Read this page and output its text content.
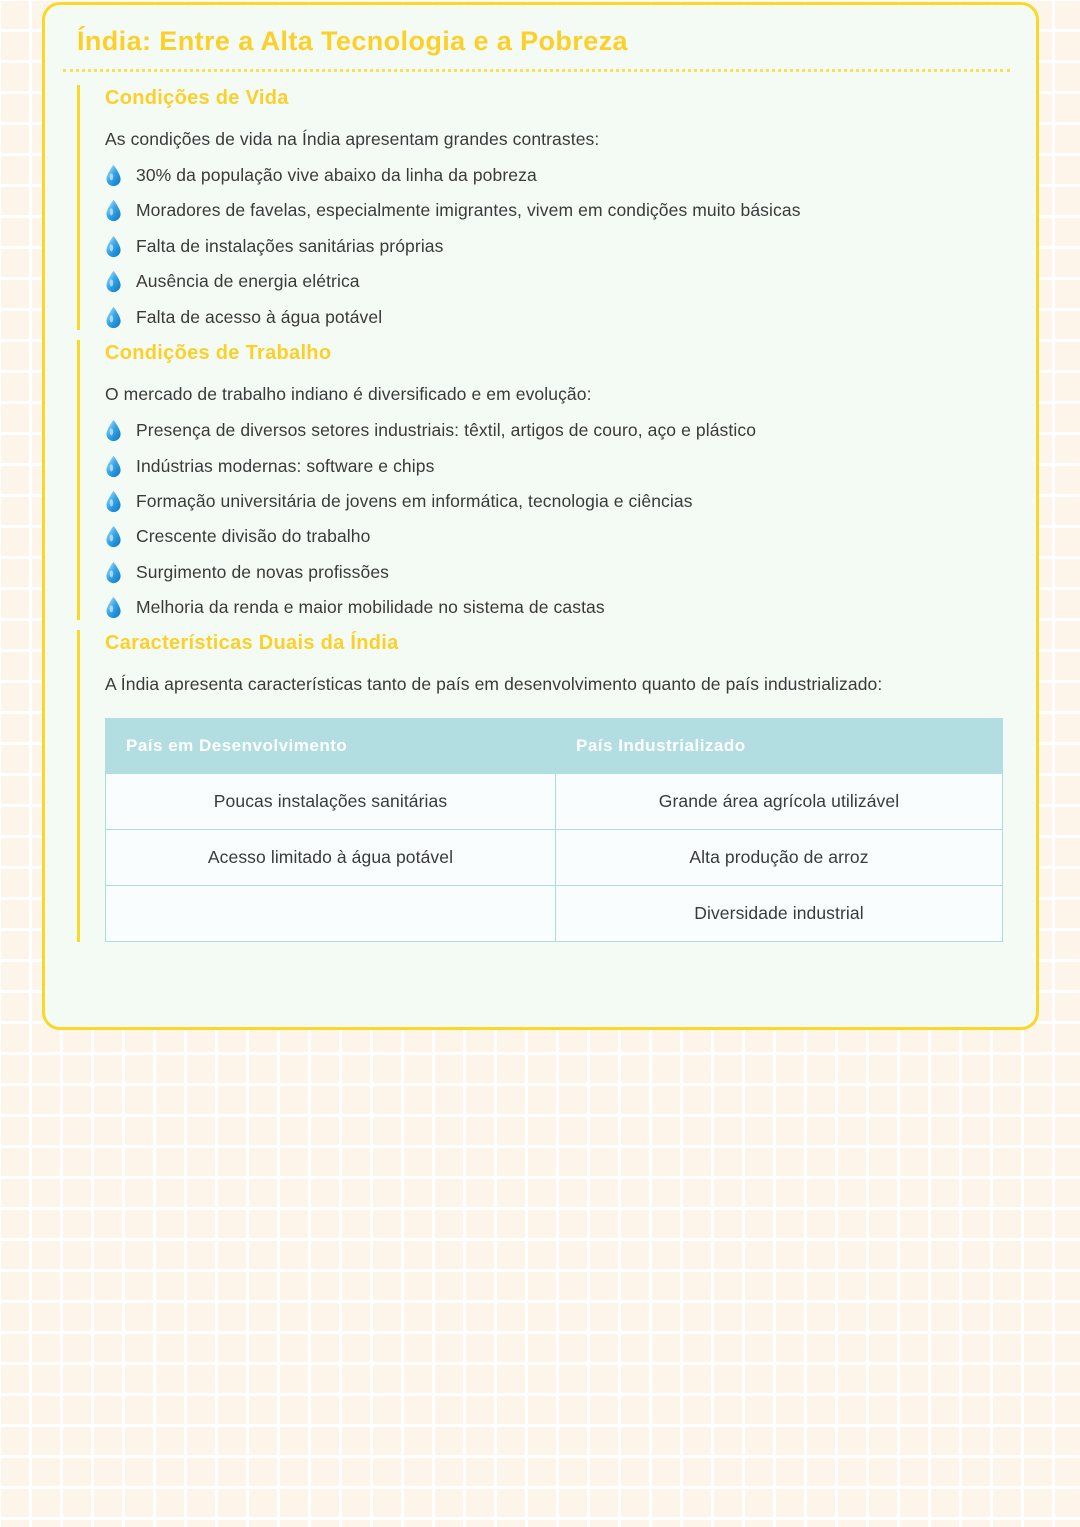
Índia: Entre a Alta Tecnologia e a Pobreza
Condições de Vida

As condições de vida na Índia apresentam grandes contrastes:

30% da população vive abaixo da linha da pobreza
Moradores de favelas, especialmente imigrantes, vivem em condições muito básicas
Falta de instalações sanitárias próprias
Ausência de energia elétrica
Falta de acesso à água potável
Condições de Trabalho

O mercado de trabalho indiano é diversificado e em evolução:

Presença de diversos setores industriais: têxtil, artigos de couro, aço e plástico
Indústrias modernas: software e chips
Formação universitária de jovens em informática, tecnologia e ciências
Crescente divisão do trabalho
Surgimento de novas profissões
Melhoria da renda e maior mobilidade no sistema de castas
Características Duais da Índia

A Índia apresenta características tanto de país em desenvolvimento quanto de país industrializado:

País em Desenvolvimento	País Industrializado
Poucas instalações sanitárias	Grande área agrícola utilizável
Acesso limitado à água potável	Alta produção de arroz
	Diversidade industrial
